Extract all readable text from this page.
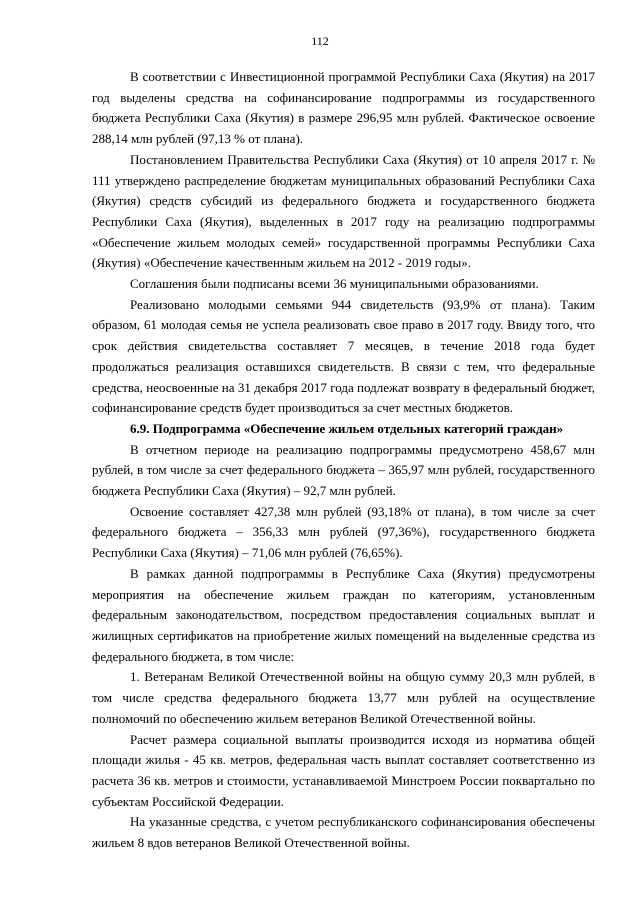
112

В соответствии с Инвестиционной программой Республики Саха (Якутия) на 2017 год выделены средства на софинансирование подпрограммы из государственного бюджета Республики Саха (Якутия) в размере 296,95 млн рублей. Фактическое освоение 288,14 млн рублей (97,13 % от плана).

Постановлением Правительства Республики Саха (Якутия) от 10 апреля 2017 г. № 111 утверждено распределение бюджетам муниципальных образований Республики Саха (Якутия) средств субсидий из федерального бюджета и государственного бюджета Республики Саха (Якутия), выделенных в 2017 году на реализацию подпрограммы «Обеспечение жильем молодых семей» государственной программы Республики Саха (Якутия) «Обеспечение качественным жильем на 2012 - 2019 годы».

Соглашения были подписаны всеми 36 муниципальными образованиями.

Реализовано молодыми семьями 944 свидетельств (93,9% от плана). Таким образом, 61 молодая семья не успела реализовать свое право в 2017 году. Ввиду того, что срок действия свидетельства составляет 7 месяцев, в течение 2018 года будет продолжаться реализация оставшихся свидетельств. В связи с тем, что федеральные средства, неосвоенные на 31 декабря 2017 года подлежат возврату в федеральный бюджет, софинансирование средств будет производиться за счет местных бюджетов.

6.9. Подпрограмма «Обеспечение жильем отдельных категорий граждан»

В отчетном периоде на реализацию подпрограммы предусмотрено 458,67 млн рублей, в том числе за счет федерального бюджета – 365,97 млн рублей, государственного бюджета Республики Саха (Якутия) – 92,7 млн рублей.

Освоение составляет 427,38 млн рублей (93,18% от плана), в том числе за счет федерального бюджета – 356,33 млн рублей (97,36%), государственного бюджета Республики Саха (Якутия) – 71,06 млн рублей (76,65%).

В рамках данной подпрограммы в Республике Саха (Якутия) предусмотрены мероприятия на обеспечение жильем граждан по категориям, установленным федеральным законодательством, посредством предоставления социальных выплат и жилищных сертификатов на приобретение жилых помещений на выделенные средства из федерального бюджета, в том числе:

1. Ветеранам Великой Отечественной войны на общую сумму 20,3 млн рублей, в том числе средства федерального бюджета 13,77 млн рублей на осуществление полномочий по обеспечению жильем ветеранов Великой Отечественной войны.

Расчет размера социальной выплаты производится исходя из норматива общей площади жилья - 45 кв. метров, федеральная часть выплат составляет соответственно из расчета 36 кв. метров и стоимости, устанавливаемой Минстроем России поквартально по субъектам Российской Федерации.

На указанные средства, с учетом республиканского софинансирования обеспечены жильем 8 вдов ветеранов Великой Отечественной войны.
